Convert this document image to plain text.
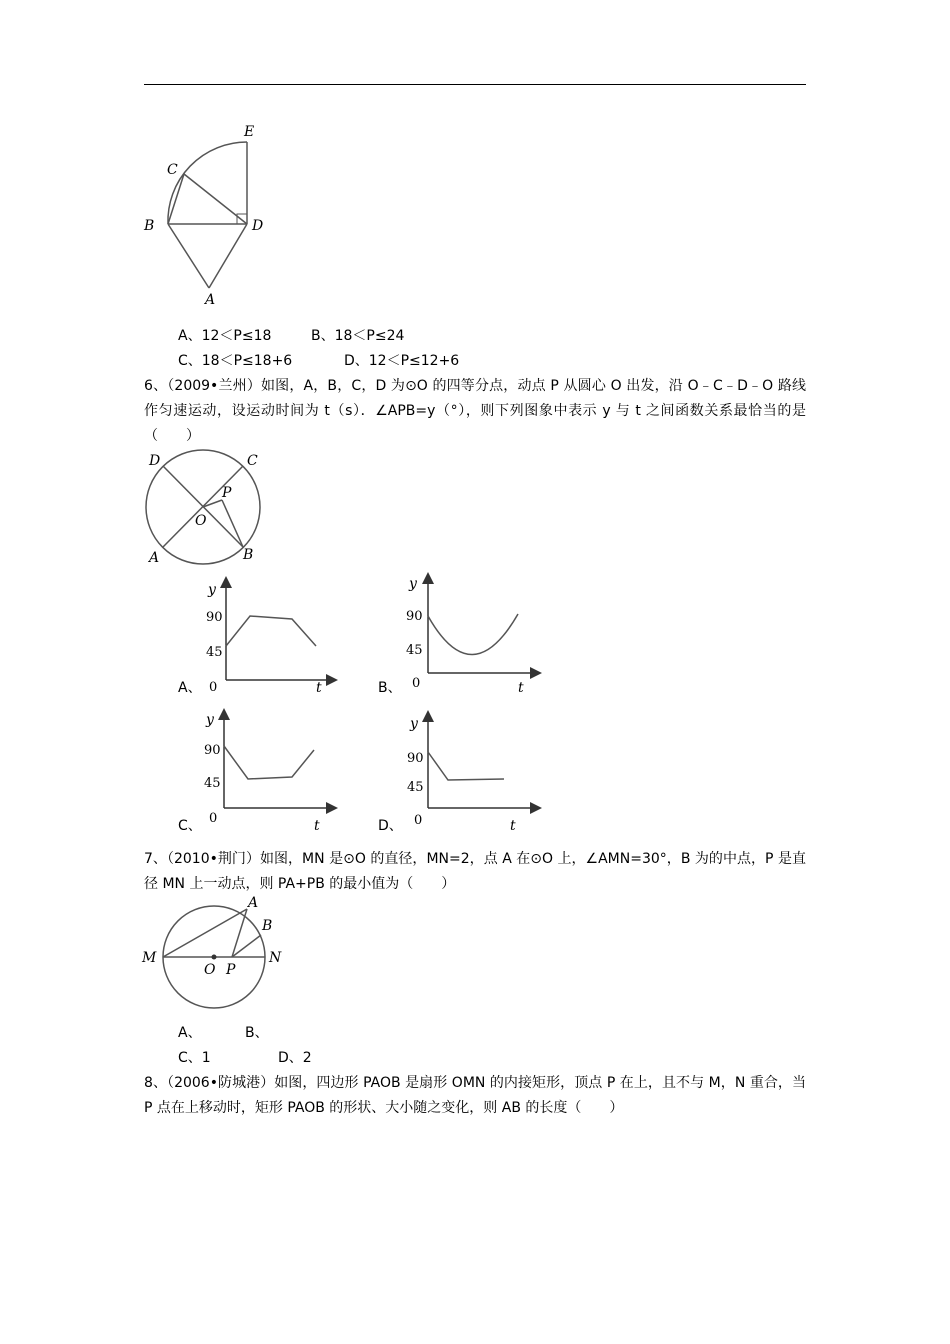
E
C
B	D
A
A、12＜P≤18	B、18＜P≤24
C、18＜P≤18+6	D、12＜P≤12+6
6、（2009•兰州）如图，A，B，C，D 为⊙O 的四等分点，动点 P 从圆心 O 出发，沿 O﹣C﹣D﹣O 路线作匀速运动，设运动时间为 t（s）．∠APB=y（°），则下列图象中表示 y 与 t 之间函数关系最恰当的是（　　）
D	C
P
O
A	B
A、
y
90
45
0	t	B、
y
90
45
0	t
C、
y
90
45
0	t	D、
y
90
45
0	t
7、（2010•荆门）如图，MN 是⊙O 的直径，MN=2，点 A 在⊙O 上，∠AMN=30°，B 为的中点，P 是直径 MN 上一动点，则 PA+PB 的最小值为（　　）
A
B
M
O P
N
A、	B、
C、1	D、2
8、（2006•防城港）如图，四边形 PAOB 是扇形 OMN 的内接矩形，顶点 P 在上，且不与 M，N 重合，当 P 点在上移动时，矩形 PAOB 的形状、大小随之变化，则 AB 的长度（　　）
